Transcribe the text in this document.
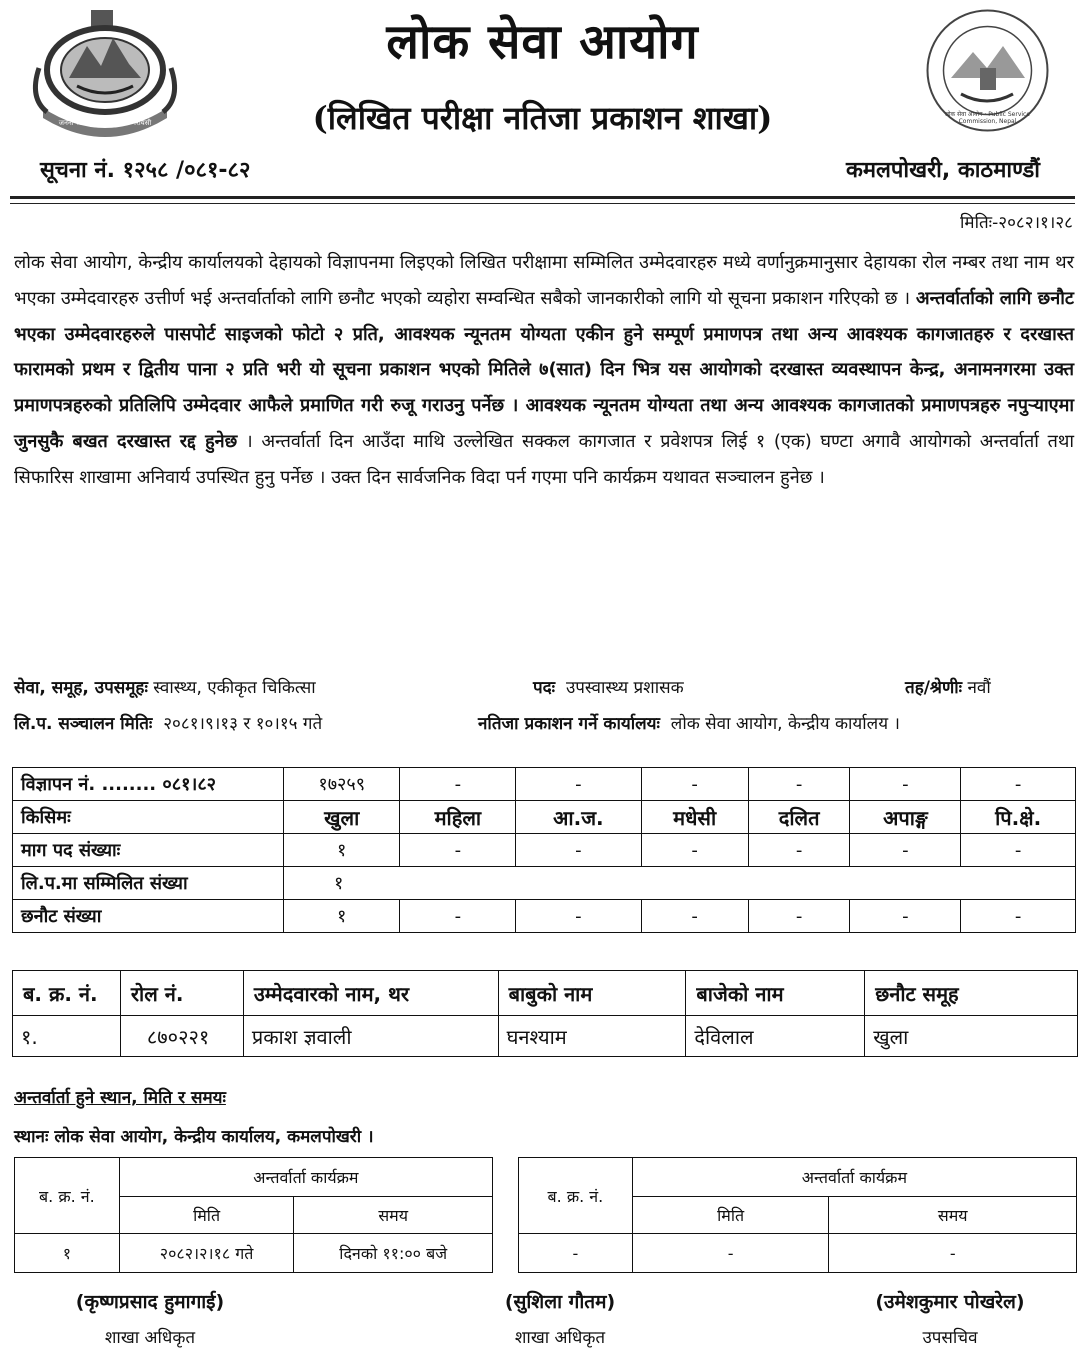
जननी जन्मभूमिश्च स्वर्गादपि गरीयसी
लोक सेवा आयोग · Public Service Commission, Nepal
लोक सेवा आयोग
(लिखित परीक्षा नतिजा प्रकाशन शाखा)
सूचना नं. १२५८ /०८१-८२	कमलपोखरी, काठमाण्डौं
मितिः-२०८२।१।२८
लोक सेवा आयोग, केन्द्रीय कार्यालयको देहायको विज्ञापनमा लिइएको लिखित परीक्षामा सम्मिलित उम्मेदवारहरु मध्ये वर्णानुक्रमानुसार देहायका रोल नम्बर तथा नाम थर भएका उम्मेदवारहरु उत्तीर्ण भई अन्तर्वार्ताको लागि छनौट भएको व्यहोरा सम्वन्धित सबैको जानकारीको लागि यो सूचना प्रकाशन गरिएको छ । अन्तर्वार्ताको लागि छनौट भएका उम्मेदवारहरुले पासपोर्ट साइजको फोटो २ प्रति, आवश्यक न्यूनतम योग्यता एकीन हुने सम्पूर्ण प्रमाणपत्र तथा अन्य आवश्यक कागजातहरु र दरखास्त फारामको प्रथम र द्वितीय पाना २ प्रति भरी यो सूचना प्रकाशन भएको मितिले ७(सात) दिन भित्र यस आयोगको दरखास्त व्यवस्थापन केन्द्र, अनामनगरमा उक्त प्रमाणपत्रहरुको प्रतिलिपि उम्मेदवार आफैले प्रमाणित गरी रुजू गराउनु पर्नेछ । आवश्यक न्यूनतम योग्यता तथा अन्य आवश्यक कागजातको प्रमाणपत्रहरु नपुर्‍याएमा जुनसुकै बखत दरखास्त रद्द हुनेछ । अन्तर्वार्ता दिन आउँदा माथि उल्लेखित सक्कल कागजात र प्रवेशपत्र लिई १ (एक) घण्टा अगावै आयोगको अन्तर्वार्ता तथा सिफारिस शाखामा अनिवार्य उपस्थित हुनु पर्नेछ । उक्त दिन सार्वजनिक विदा पर्न गएमा पनि कार्यक्रम यथावत सञ्चालन हुनेछ ।
सेवा, समूह, उपसमूहः स्वास्थ्य, एकीकृत चिकित्सा	पदः उपस्वास्थ्य प्रशासक	तह/श्रेणीः नवौं
लि.प. सञ्चालन मितिः २०८१।९।१३ र १०।१५ गते	नतिजा प्रकाशन गर्ने कार्यालयः लोक सेवा आयोग, केन्द्रीय कार्यालय ।
विज्ञापन नं. ........ ०८१।८२	१७२५९	-	-	-	-	-	-
किसिमः	खुला	महिला	आ.ज.	मधेसी	दलित	अपाङ्ग	पि.क्षे.
माग पद संख्याः	१	-	-	-	-	-	-
लि.प.मा सम्मिलित संख्या	१						
छनौट संख्या	१	-	-	-	-	-	-
ब. क्र. नं.	रोल नं.	उम्मेदवारको नाम, थर	बाबुको नाम	बाजेको नाम	छनौट समूह
१.	८७०२२१	प्रकाश ज्ञवाली	घनश्याम	देविलाल	खुला
अन्तर्वार्ता हुने स्थान, मिति र समयः
स्थानः लोक सेवा आयोग, केन्द्रीय कार्यालय, कमलपोखरी ।
ब. क्र. नं.	अन्तर्वार्ता कार्यक्रम	
	मिति	समय
१	२०८२।२।१८ गते	दिनको ११:०० बजे
ब. क्र. नं.	अन्तर्वार्ता कार्यक्रम	
	मिति	समय
-	-	-
(कृष्णप्रसाद हुमागाई)
शाखा अधिकृत
(सुशिला गौतम)
शाखा अधिकृत
(उमेशकुमार पोखरेल)
उपसचिव
